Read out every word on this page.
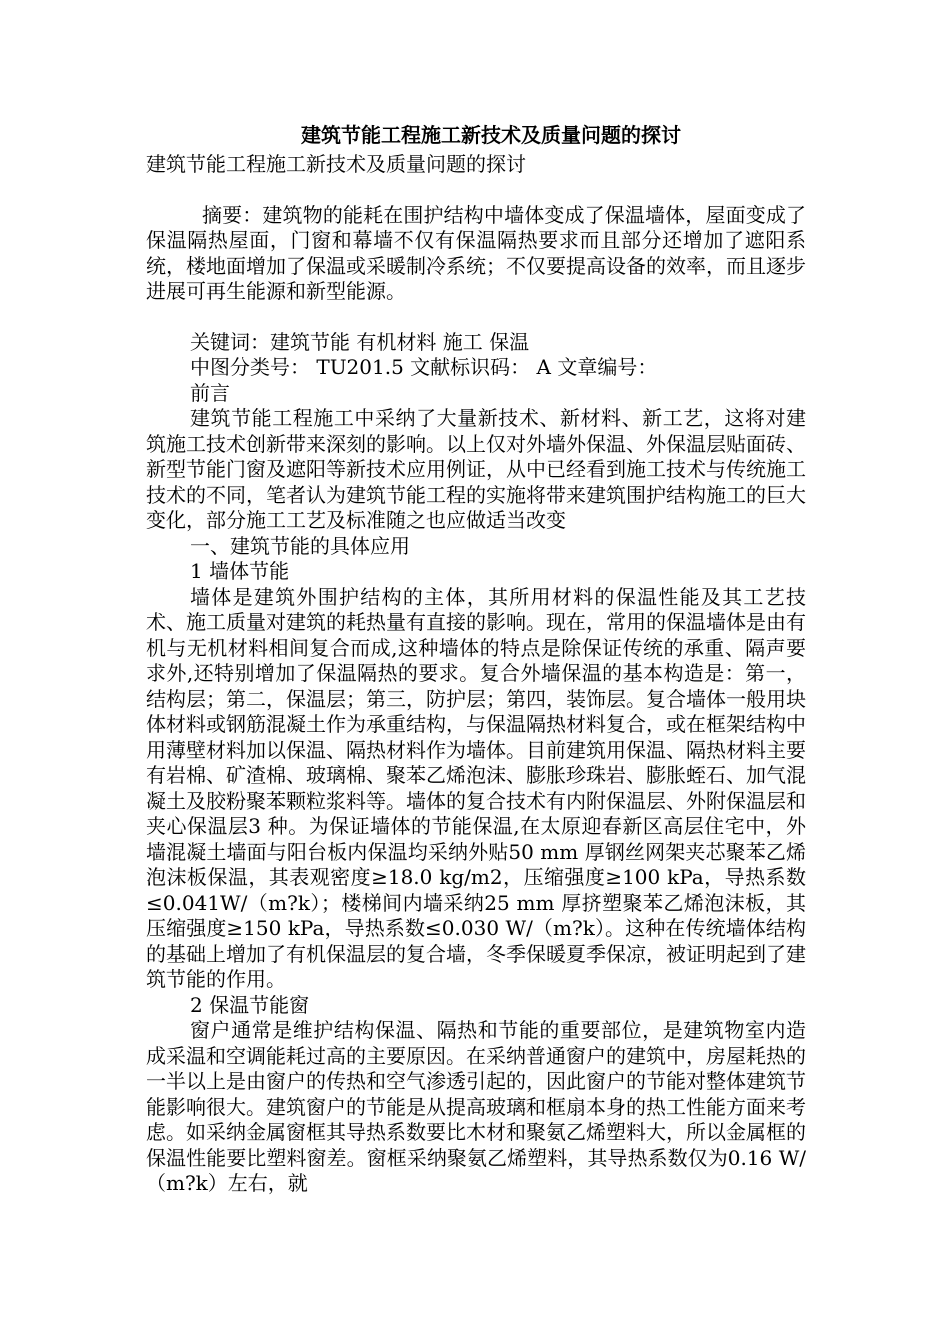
建筑节能工程施工新技术及质量问题的探讨

建筑节能工程施工新技术及质量问题的探讨

摘要：建筑物的能耗在围护结构中墙体变成了保温墙体，屋面变成了保温隔热屋面，门窗和幕墙不仅有保温隔热要求而且部分还增加了遮阳系统，楼地面增加了保温或采暖制冷系统；不仅要提高设备的效率，而且逐步进展可再生能源和新型能源。

关键词：建筑节能 有机材料 施工 保温

中图分类号： TU201.5 文献标识码： A 文章编号：

前言

建筑节能工程施工中采纳了大量新技术、新材料、新工艺，这将对建筑施工技术创新带来深刻的影响。以上仅对外墙外保温、外保温层贴面砖、新型节能门窗及遮阳等新技术应用例证，从中已经看到施工技术与传统施工技术的不同，笔者认为建筑节能工程的实施将带来建筑围护结构施工的巨大变化，部分施工工艺及标准随之也应做适当改变

一、建筑节能的具体应用

1 墙体节能

墙体是建筑外围护结构的主体，其所用材料的保温性能及其工艺技术、施工质量对建筑的耗热量有直接的影响。现在，常用的保温墙体是由有机与无机材料相间复合而成,这种墙体的特点是除保证传统的承重、隔声要求外,还特别增加了保温隔热的要求。复合外墙保温的基本构造是：第一，结构层；第二，保温层；第三，防护层；第四，装饰层。复合墙体一般用块体材料或钢筋混凝土作为承重结构，与保温隔热材料复合，或在框架结构中用薄壁材料加以保温、隔热材料作为墙体。目前建筑用保温、隔热材料主要有岩棉、矿渣棉、玻璃棉、聚苯乙烯泡沫、膨胀珍珠岩、膨胀蛭石、加气混凝土及胶粉聚苯颗粒浆料等。墙体的复合技术有内附保温层、外附保温层和夹心保温层3 种。为保证墙体的节能保温,在太原迎春新区高层住宅中，外墙混凝土墙面与阳台板内保温均采纳外贴50 mm 厚钢丝网架夹芯聚苯乙烯泡沫板保温，其表观密度≥18.0 kg/m2，压缩强度≥100 kPa，导热系数≤0.041W/（m?k）；楼梯间内墙采纳25 mm 厚挤塑聚苯乙烯泡沫板，其压缩强度≥150 kPa，导热系数≤0.030 W/（m?k）。这种在传统墙体结构的基础上增加了有机保温层的复合墙，冬季保暖夏季保凉，被证明起到了建筑节能的作用。

2 保温节能窗

窗户通常是维护结构保温、隔热和节能的重要部位，是建筑物室内造成采温和空调能耗过高的主要原因。在采纳普通窗户的建筑中，房屋耗热的一半以上是由窗户的传热和空气渗透引起的，因此窗户的节能对整体建筑节能影响很大。建筑窗户的节能是从提高玻璃和框扇本身的热工性能方面来考虑。如采纳金属窗框其导热系数要比木材和聚氨乙烯塑料大，所以金属框的保温性能要比塑料窗差。窗框采纳聚氨乙烯塑料，其导热系数仅为0.16 W/（m?k）左右，就
